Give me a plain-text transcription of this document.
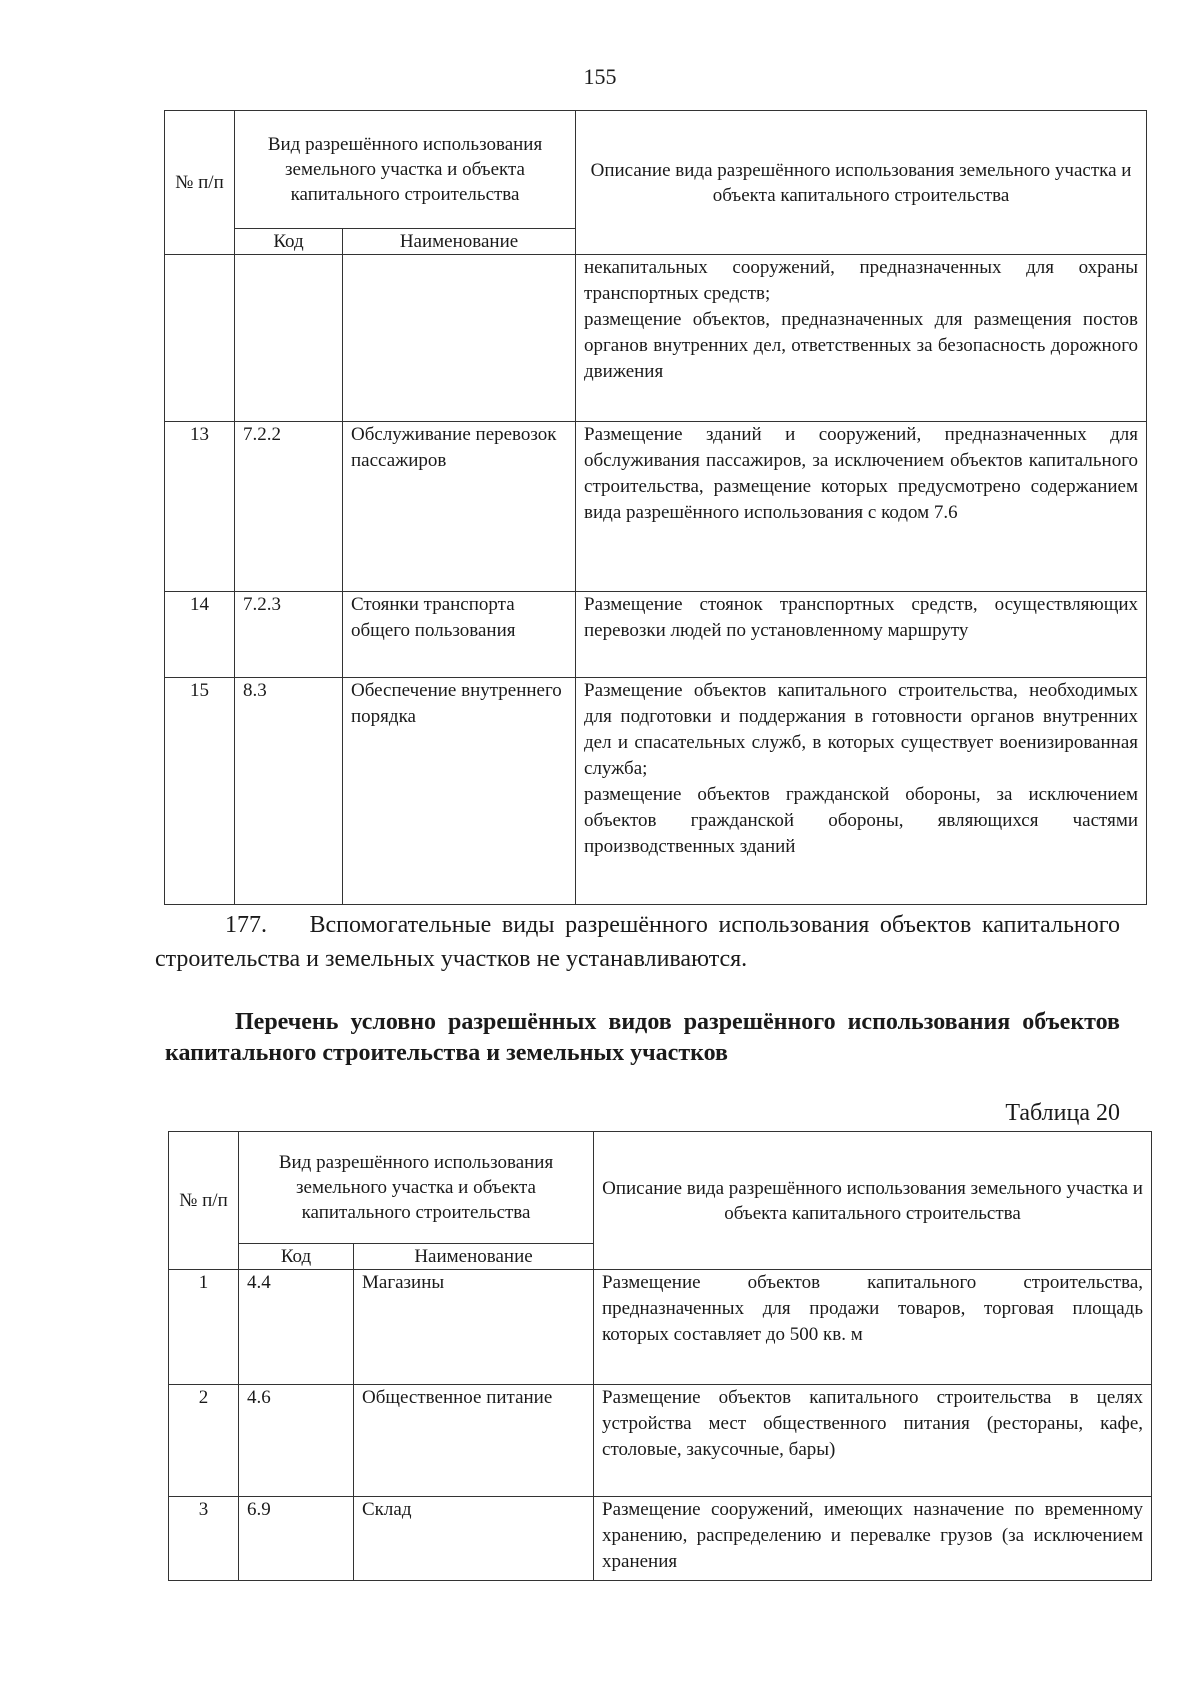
155
№ п/п	Вид разрешённого использования земельного участка и объекта капитального строительства		Описание вида разрешённого использования земельного участка и объекта капитального строительства
	Код	Наименование	

			некапитальных сооружений, предназначенных для охраны транспортных средств;

размещение объектов, предназначенных для размещения постов органов внутренних дел, ответственных за безопасность дорожного движения

13	7.2.2	Обслуживание перевозок пассажиров	Размещение зданий и сооружений, предназначенных для обслуживания пассажиров, за исключением объектов капитального строительства, размещение которых предусмотрено содержанием вида разрешённого использования с кодом 7.6
14	7.2.3	Стоянки транспорта общего пользования	Размещение стоянок транспортных средств, осуществляющих перевозки людей по установленному маршруту
15	8.3	Обеспечение внутреннего порядка	Размещение объектов капитального строительства, необходимых для подготовки и поддержания в готовности органов внутренних дел и спасательных служб, в которых существует военизированная служба;

размещение объектов гражданской обороны, за исключением объектов гражданской обороны, являющихся частями производственных зданий

177. Вспомогательные виды разрешённого использования объектов капитального строительства и земельных участков не устанавливаются.
Перечень условно разрешённых видов разрешённого использования объектов капитального строительства и земельных участков
Таблица 20
№ п/п	Вид разрешённого использования земельного участка и объекта капитального строительства		Описание вида разрешённого использования земельного участка и объекта капитального строительства
	Код	Наименование	
1	4.4	Магазины	Размещение объектов капитального строительства, предназначенных для продажи товаров, торговая площадь которых составляет до 500 кв. м
2	4.6	Общественное питание	Размещение объектов капитального строительства в целях устройства мест общественного питания (рестораны, кафе, столовые, закусочные, бары)
3	6.9	Склад	Размещение сооружений, имеющих назначение по временному хранению, распределению и перевалке грузов (за исключением хранения
